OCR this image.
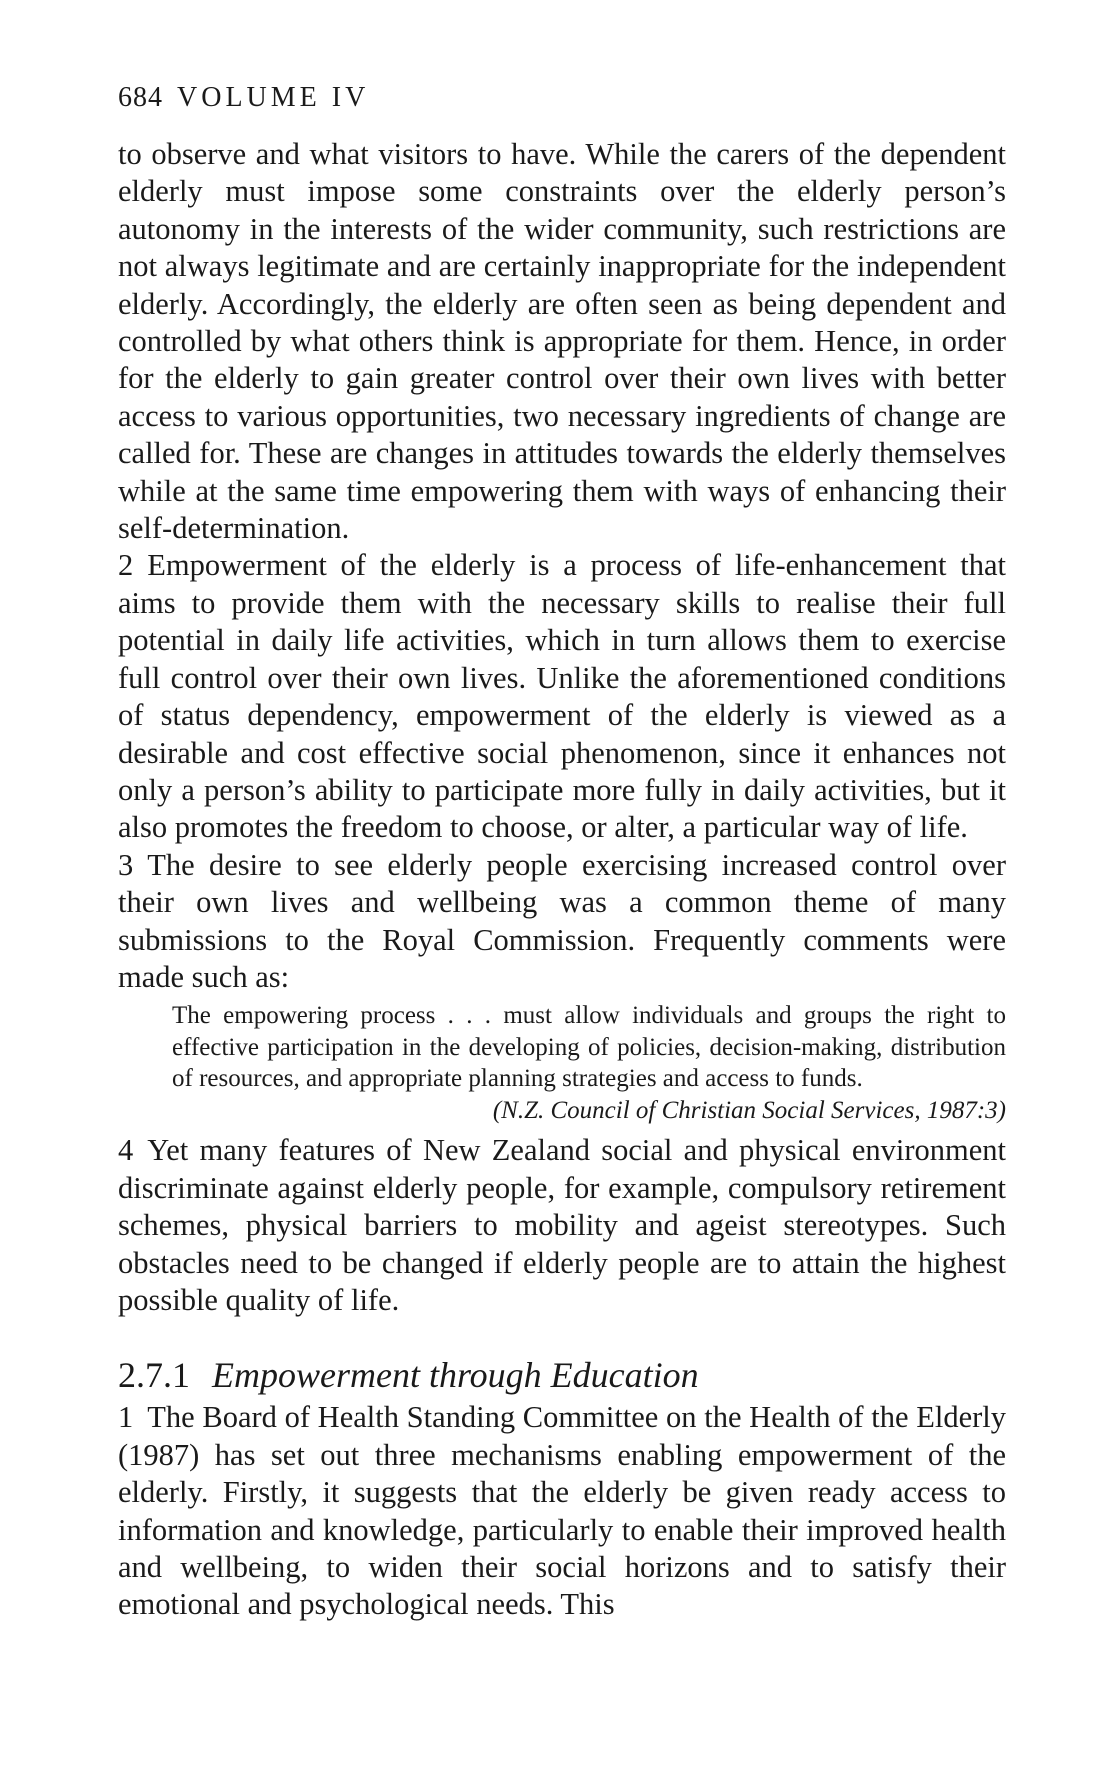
684 VOLUME IV

to observe and what visitors to have. While the carers of the dependent elderly must impose some constraints over the elderly person’s autonomy in the interests of the wider community, such restrictions are not always legitimate and are certainly inappropriate for the independent elderly. Accordingly, the elderly are often seen as being dependent and controlled by what others think is appropriate for them. Hence, in order for the elderly to gain greater control over their own lives with better access to various opportunities, two necessary ingredients of change are called for. These are changes in attitudes towards the elderly themselves while at the same time empowering them with ways of enhancing their self-determination.

2 Empowerment of the elderly is a process of life-enhancement that aims to provide them with the necessary skills to realise their full potential in daily life activities, which in turn allows them to exercise full control over their own lives. Unlike the aforementioned conditions of status dependency, empowerment of the elderly is viewed as a desirable and cost effective social phenomenon, since it enhances not only a person’s ability to participate more fully in daily activities, but it also promotes the freedom to choose, or alter, a particular way of life.

3 The desire to see elderly people exercising increased control over their own lives and wellbeing was a common theme of many submissions to the Royal Commission. Frequently comments were made such as:

The empowering process . . . must allow individuals and groups the right to effective participation in the developing of policies, decision-making, distribution of resources, and appropriate planning strategies and access to funds.
(N.Z. Council of Christian Social Services, 1987:3)

4 Yet many features of New Zealand social and physical environment discriminate against elderly people, for example, compulsory retirement schemes, physical barriers to mobility and ageist stereotypes. Such obstacles need to be changed if elderly people are to attain the highest possible quality of life.

2.7.1 Empowerment through Education

1 The Board of Health Standing Committee on the Health of the Elderly (1987) has set out three mechanisms enabling empowerment of the elderly. Firstly, it suggests that the elderly be given ready access to information and knowledge, particularly to enable their improved health and wellbeing, to widen their social horizons and to satisfy their emotional and psychological needs. This
